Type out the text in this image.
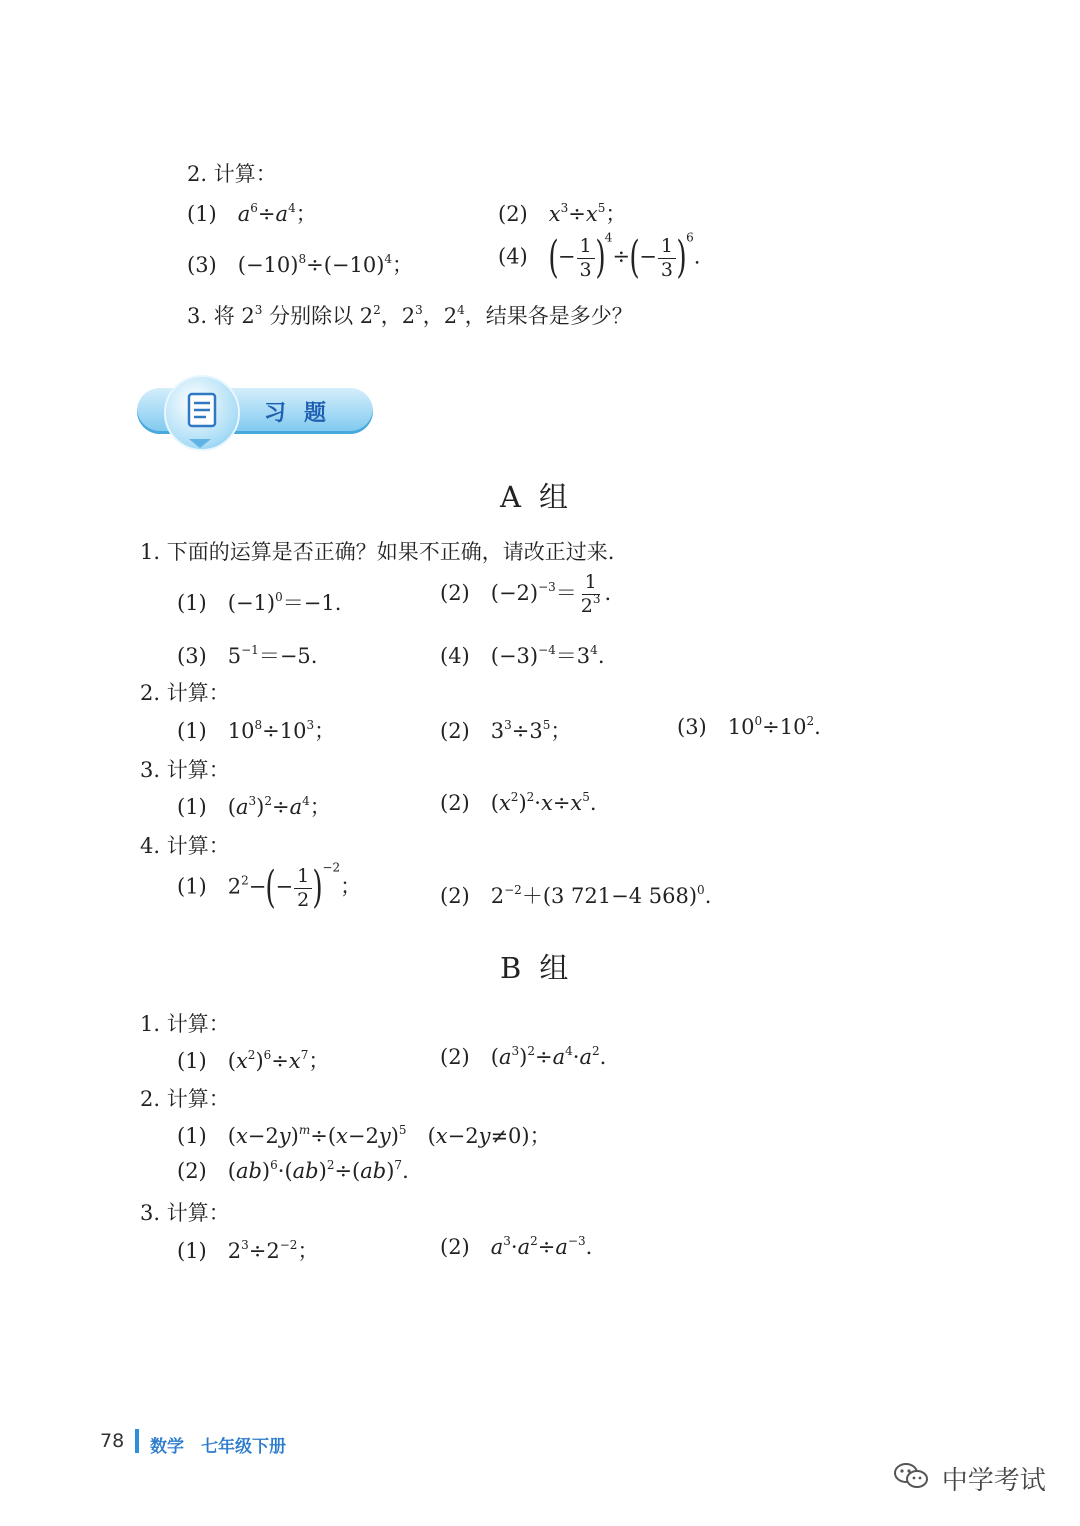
2. 计算：
(1) $a^6\div a^4$；	(2) $x^3\div x^5$；
(3) $(-10)^8\div(-10)^4$；	(4) (− $\frac{1}{3} )^4\div(- \frac{1}{3} )^6$.
3. 将 $2^3$ 分别除以 $2^2$，$2^3$，$2^4$，结果各是多少？
习题
A 组
1. 下面的运算是否正确？如果不正确，请改正过来.
(1) $(-1)^0=-1$.	(2) $(-2)^{-3}= \frac{1}{2^3}$ .
(3) $5^{-1}=-5$.	(4) $(-3)^{-4}=3^4$.
2. 计算：
(1) $10^8\div 10^3$；	(2) $3^3\div 3^5$；	(3) $10^0\div 10^2$.
3. 计算：
(1) $(a^3)^2\div a^4$；	(2) $(x^2)^2\cdot x\div x^5$.
4. 计算：
(1) $2^2-(- \frac{1}{2} )^{-2}$；	(2) $2^{-2}+(3$ 721−4 568)$^0$.
B 组
1. 计算：
(1) $(x^2)^6\div x^7$；	(2) $(a^3)^2\div a^4\cdot a^2$.
2. 计算：
(1) $(x-2y)^m\div(x-2y)^5$ (x−2y≠0)；
(2) (ab)$^6$·(ab)$^2$÷(ab)$^7$.
3. 计算：
(1) $2^3\div 2^{-2}$；	(2) $a^3\cdot a^2\div a^{-3}$.
78 数学　七年级下册
中学考试
